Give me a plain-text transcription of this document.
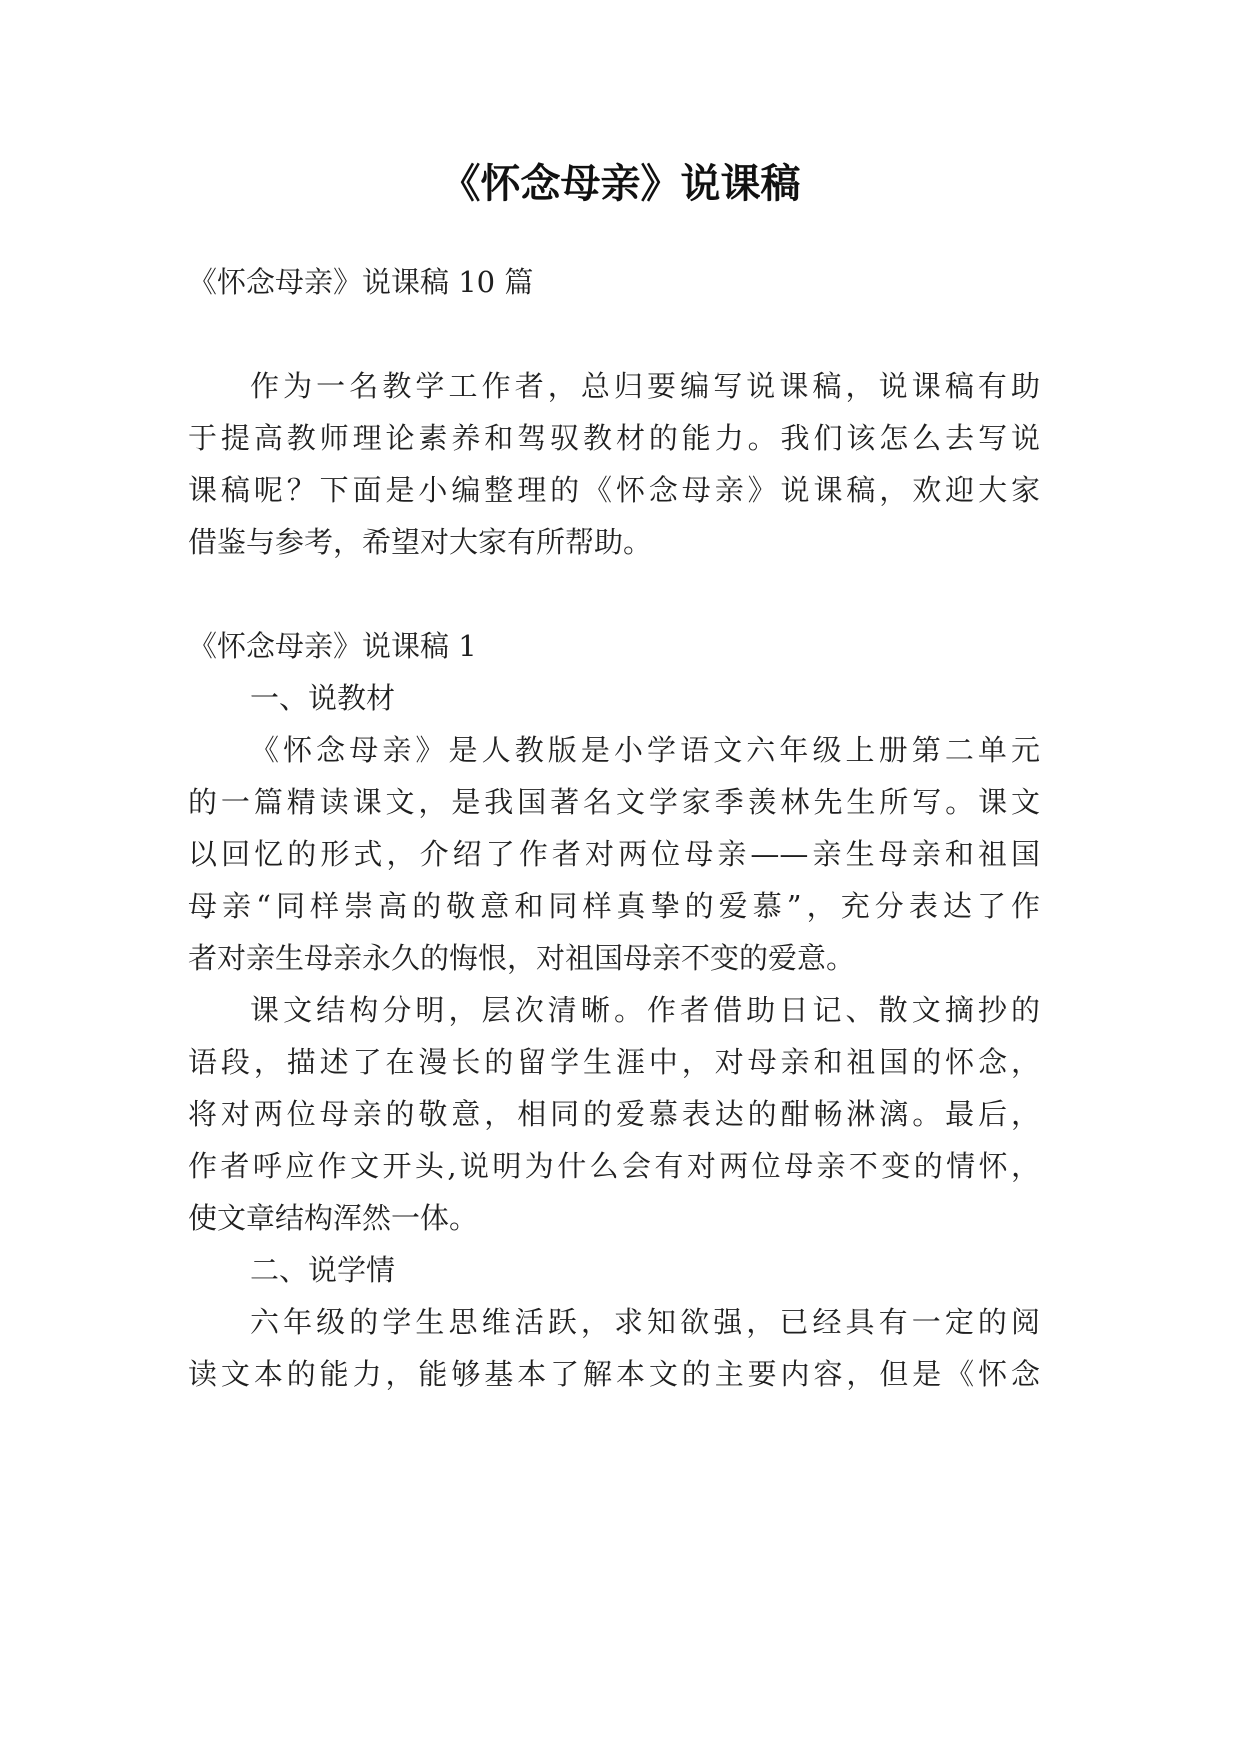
《怀念母亲》说课稿
《怀念母亲》说课稿 10 篇
作为一名教学工作者，总归要编写说课稿，说课稿有助
于提高教师理论素养和驾驭教材的能力。我们该怎么去写说
课稿呢？下面是小编整理的《怀念母亲》说课稿，欢迎大家
借鉴与参考，希望对大家有所帮助。
《怀念母亲》说课稿 1
一、说教材
《怀念母亲》是人教版是小学语文六年级上册第二单元
的一篇精读课文，是我国著名文学家季羡林先生所写。课文
以回忆的形式，介绍了作者对两位母亲——亲生母亲和祖国
母亲“同样崇高的敬意和同样真挚的爱慕”，充分表达了作
者对亲生母亲永久的悔恨，对祖国母亲不变的爱意。
课文结构分明，层次清晰。作者借助日记、散文摘抄的
语段，描述了在漫长的留学生涯中，对母亲和祖国的怀念，
将对两位母亲的敬意，相同的爱慕表达的酣畅淋漓。最后，
作者呼应作文开头,说明为什么会有对两位母亲不变的情怀，
使文章结构浑然一体。
二、说学情
六年级的学生思维活跃，求知欲强，已经具有一定的阅
读文本的能力，能够基本了解本文的主要内容，但是《怀念
